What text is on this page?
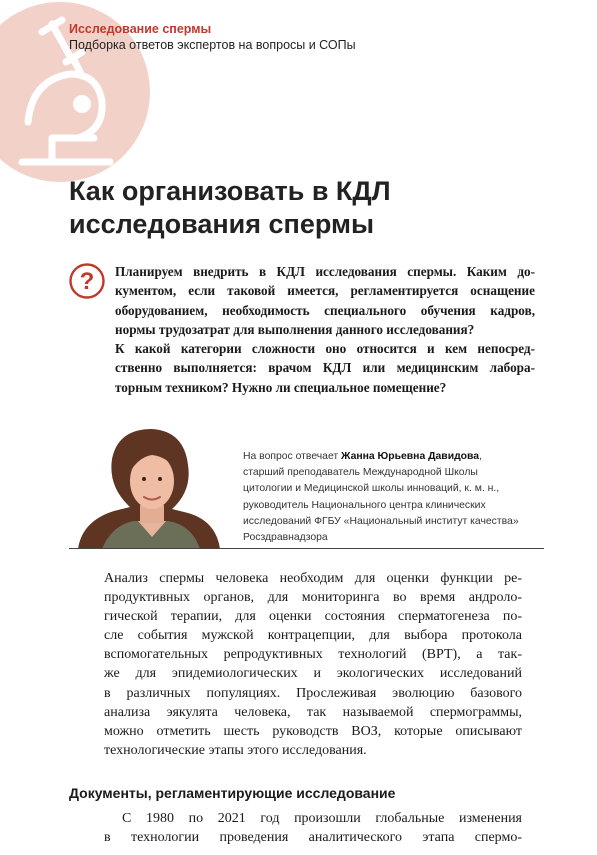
Исследование спермы

Подборка ответов экспертов на вопросы и СОПы

Как организовать в КДЛ
исследования спермы
? Планируем внедрить в КДЛ исследования спермы. Каким до-
кументом, если таковой имеется, регламентируется оснащение
оборудованием, необходимость специального обучения кадров,
нормы трудозатрат для выполнения данного исследования?
К какой категории сложности оно относится и кем непосред-
ственно выполняется: врачом КДЛ или медицинским лабора-
торным техником? Нужно ли специальное помещение?
На вопрос отвечает Жанна Юрьевна Давидова,
старший преподаватель Международной Школы
цитологии и Медицинской школы инноваций, к. м. н.,
руководитель Национального центра клинических
исследований ФГБУ «Национальный институт качества»
Росздравнадзора
Анализ спермы человека необходим для оценки функции ре-
продуктивных органов, для мониторинга во время андроло-
гической терапии, для оценки состояния сперматогенеза по-
сле события мужской контрацепции, для выбора протокола
вспомогательных репродуктивных технологий (ВРТ), а так-
же для эпидемиологических и экологических исследований
в различных популяциях. Прослеживая эволюцию базового
анализа эякулята человека, так называемой спермограммы,
можно отметить шесть руководств ВОЗ, которые описывают
технологические этапы этого исследования.
Документы, регламентирующие исследование
С 1980 по 2021 год произошли глобальные изменения
в технологии проведения аналитического этапа спермо-
